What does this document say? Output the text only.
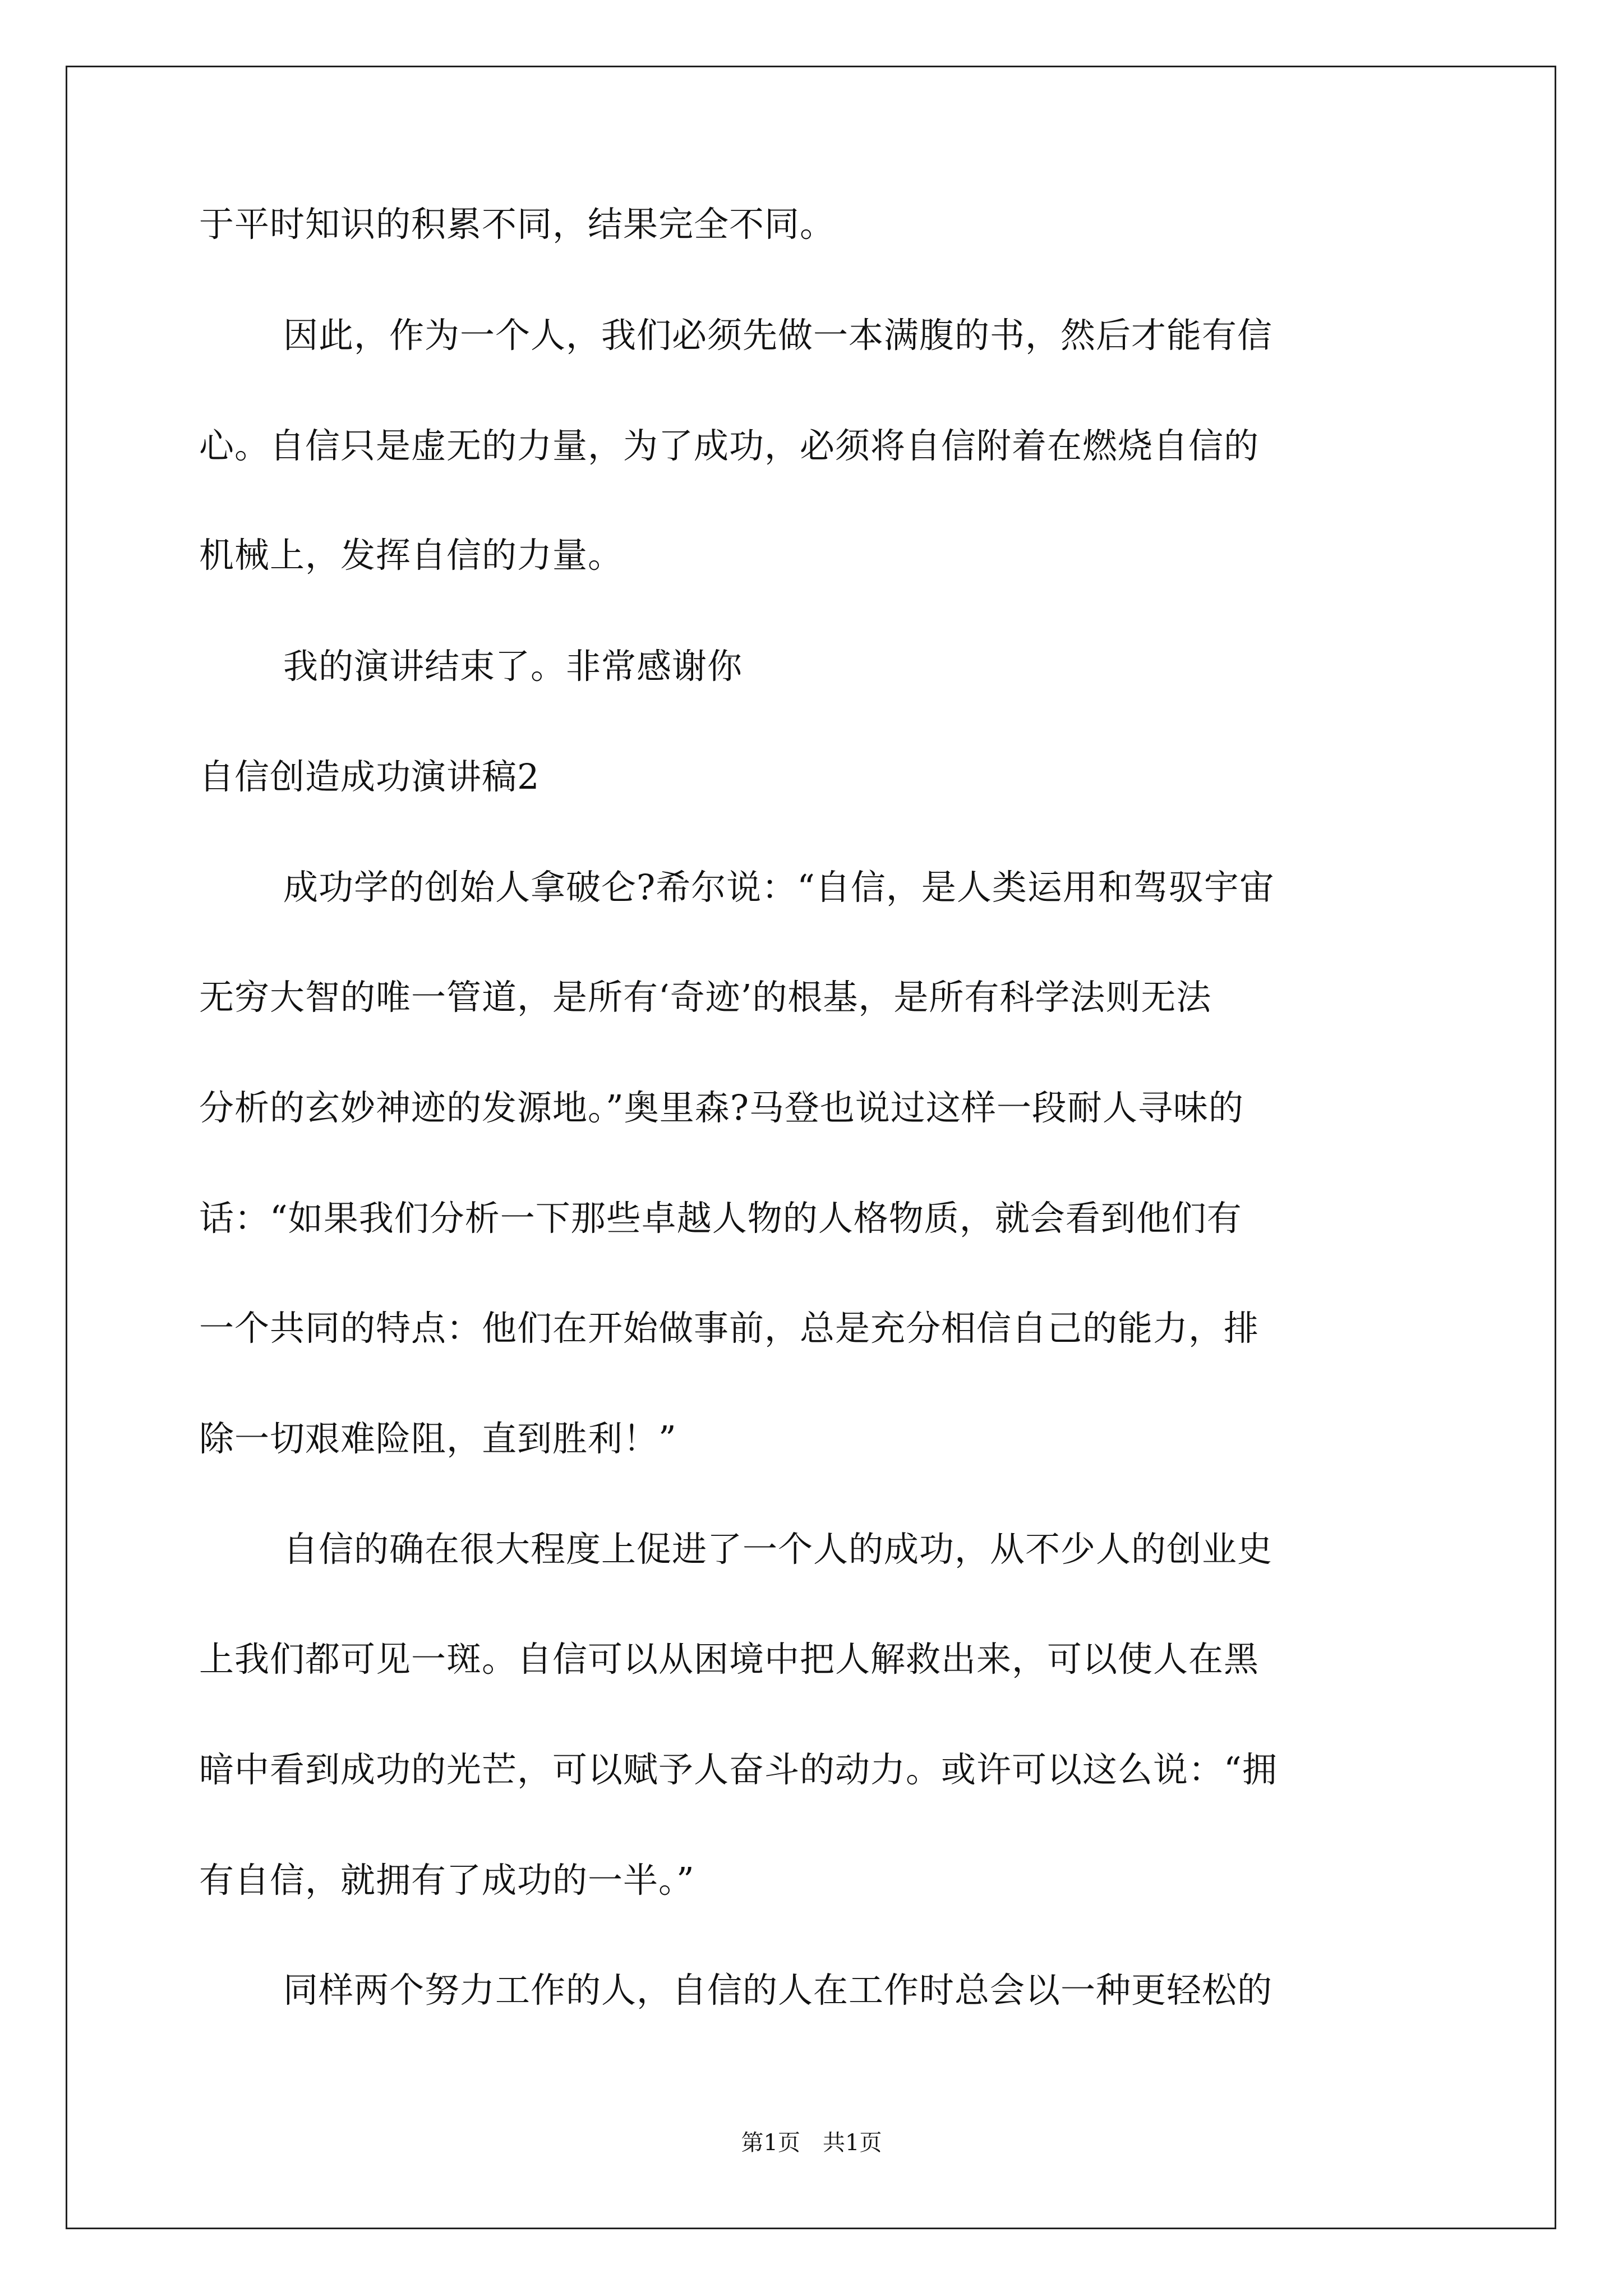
于平时知识的积累不同，结果完全不同。
因此，作为一个人，我们必须先做一本满腹的书，然后才能有信
心。自信只是虚无的力量，为了成功，必须将自信附着在燃烧自信的
机械上，发挥自信的力量。
我的演讲结束了。非常感谢你
自信创造成功演讲稿2
成功学的创始人拿破仑?希尔说：“自信，是人类运用和驾驭宇宙
无穷大智的唯一管道，是所有‘奇迹’的根基，是所有科学法则无法
分析的玄妙神迹的发源地。”奥里森?马登也说过这样一段耐人寻味的
话：“如果我们分析一下那些卓越人物的人格物质，就会看到他们有
一个共同的特点：他们在开始做事前，总是充分相信自己的能力，排
除一切艰难险阻，直到胜利！”
自信的确在很大程度上促进了一个人的成功，从不少人的创业史
上我们都可见一斑。自信可以从困境中把人解救出来，可以使人在黑
暗中看到成功的光芒，可以赋予人奋斗的动力。或许可以这么说：“拥
有自信，就拥有了成功的一半。”
同样两个努力工作的人，自信的人在工作时总会以一种更轻松的
第1页　共1页
